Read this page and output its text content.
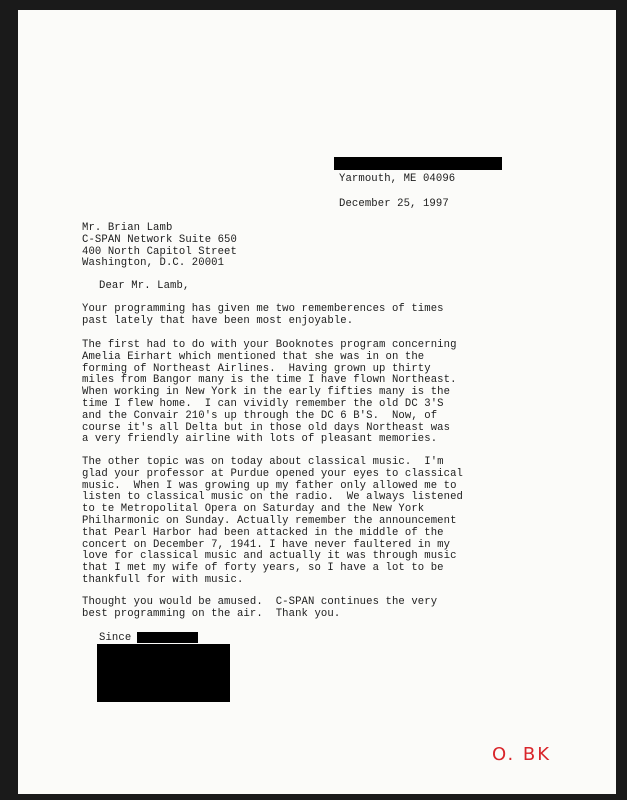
Yarmouth, ME 04096
December 25, 1997
Mr. Brian Lamb
C-SPAN Network Suite 650
400 North Capitol Street
Washington, D.C. 20001
Dear Mr. Lamb,
Your programming has given me two rememberences of times
past lately that have been most enjoyable.
The first had to do with your Booknotes program concerning
Amelia Eirhart which mentioned that she was in on the
forming of Northeast Airlines.  Having grown up thirty
miles from Bangor many is the time I have flown Northeast.
When working in New York in the early fifties many is the
time I flew home.  I can vividly remember the old DC 3'S
and the Convair 210's up through the DC 6 B'S.  Now, of
course it's all Delta but in those old days Northeast was
a very friendly airline with lots of pleasant memories.
The other topic was on today about classical music.  I'm
glad your professor at Purdue opened your eyes to classical
music.  When I was growing up my father only allowed me to
listen to classical music on the radio.  We always listened
to te Metropolital Opera on Saturday and the New York
Philharmonic on Sunday. Actually remember the announcement
that Pearl Harbor had been attacked in the middle of the
concert on December 7, 1941. I have never faultered in my
love for classical music and actually it was through music
that I met my wife of forty years, so I have a lot to be
thankfull for with music.
Thought you would be amused.  C-SPAN continues the very
best programming on the air.  Thank you.
Since
O. BK
